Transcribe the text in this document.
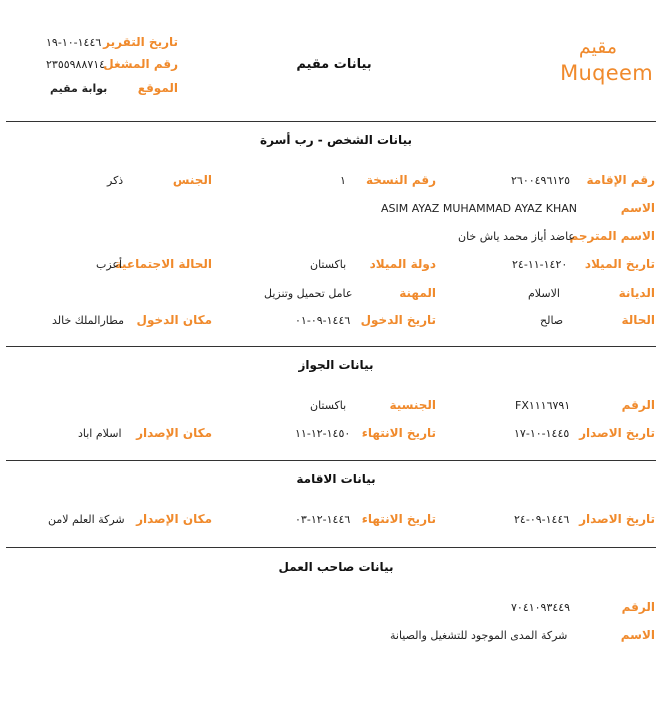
تاريخ التقرير
١٤٤٦-١٠-١٩
رقم المشغل
٢٣٥٥٩٨٨٧١٤
الموقع
بوابة مقيم
بيانات مقيم
مقيم
Muqeem
بيانات الشخص - رب أسرة
رقم الإقامة
٢٦٠٠٤٩٦١٢٥
رقم النسخة
١
الجنس
ذكر
الاسم
ASIM AYAZ MUHAMMAD AYAZ KHAN
الاسم المترجم
عاضد أياز محمد ياش خان
تاريخ الميلاد
١٤٢٠-١١-٢٤
دولة الميلاد
باكستان
الحالة الاجتماعية
أعزب
الديانة
الاسلام
المهنة
عامل تحميل وتنزيل
الحالة
صالح
تاريخ الدخول
١٤٤٦-٠٩-٠١
مكان الدخول
مطارالملك خالد
بيانات الجواز
الرقم
FX١١١٦٧٩١
الجنسية
باكستان
تاريخ الاصدار
١٤٤٥-١٠-١٧
تاريخ الانتهاء
١٤٥٠-١٢-١١
مكان الإصدار
اسلام اباد
بيانات الاقامة
تاريخ الاصدار
١٤٤٦-٠٩-٢٤
تاريخ الانتهاء
١٤٤٦-١٢-٠٣
مكان الإصدار
شركة العلم لامن
بيانات صاحب العمل
الرقم
٧٠٤١٠٩٣٤٤٩
الاسم
شركة المدى الموجود للتشغيل والصيانة
